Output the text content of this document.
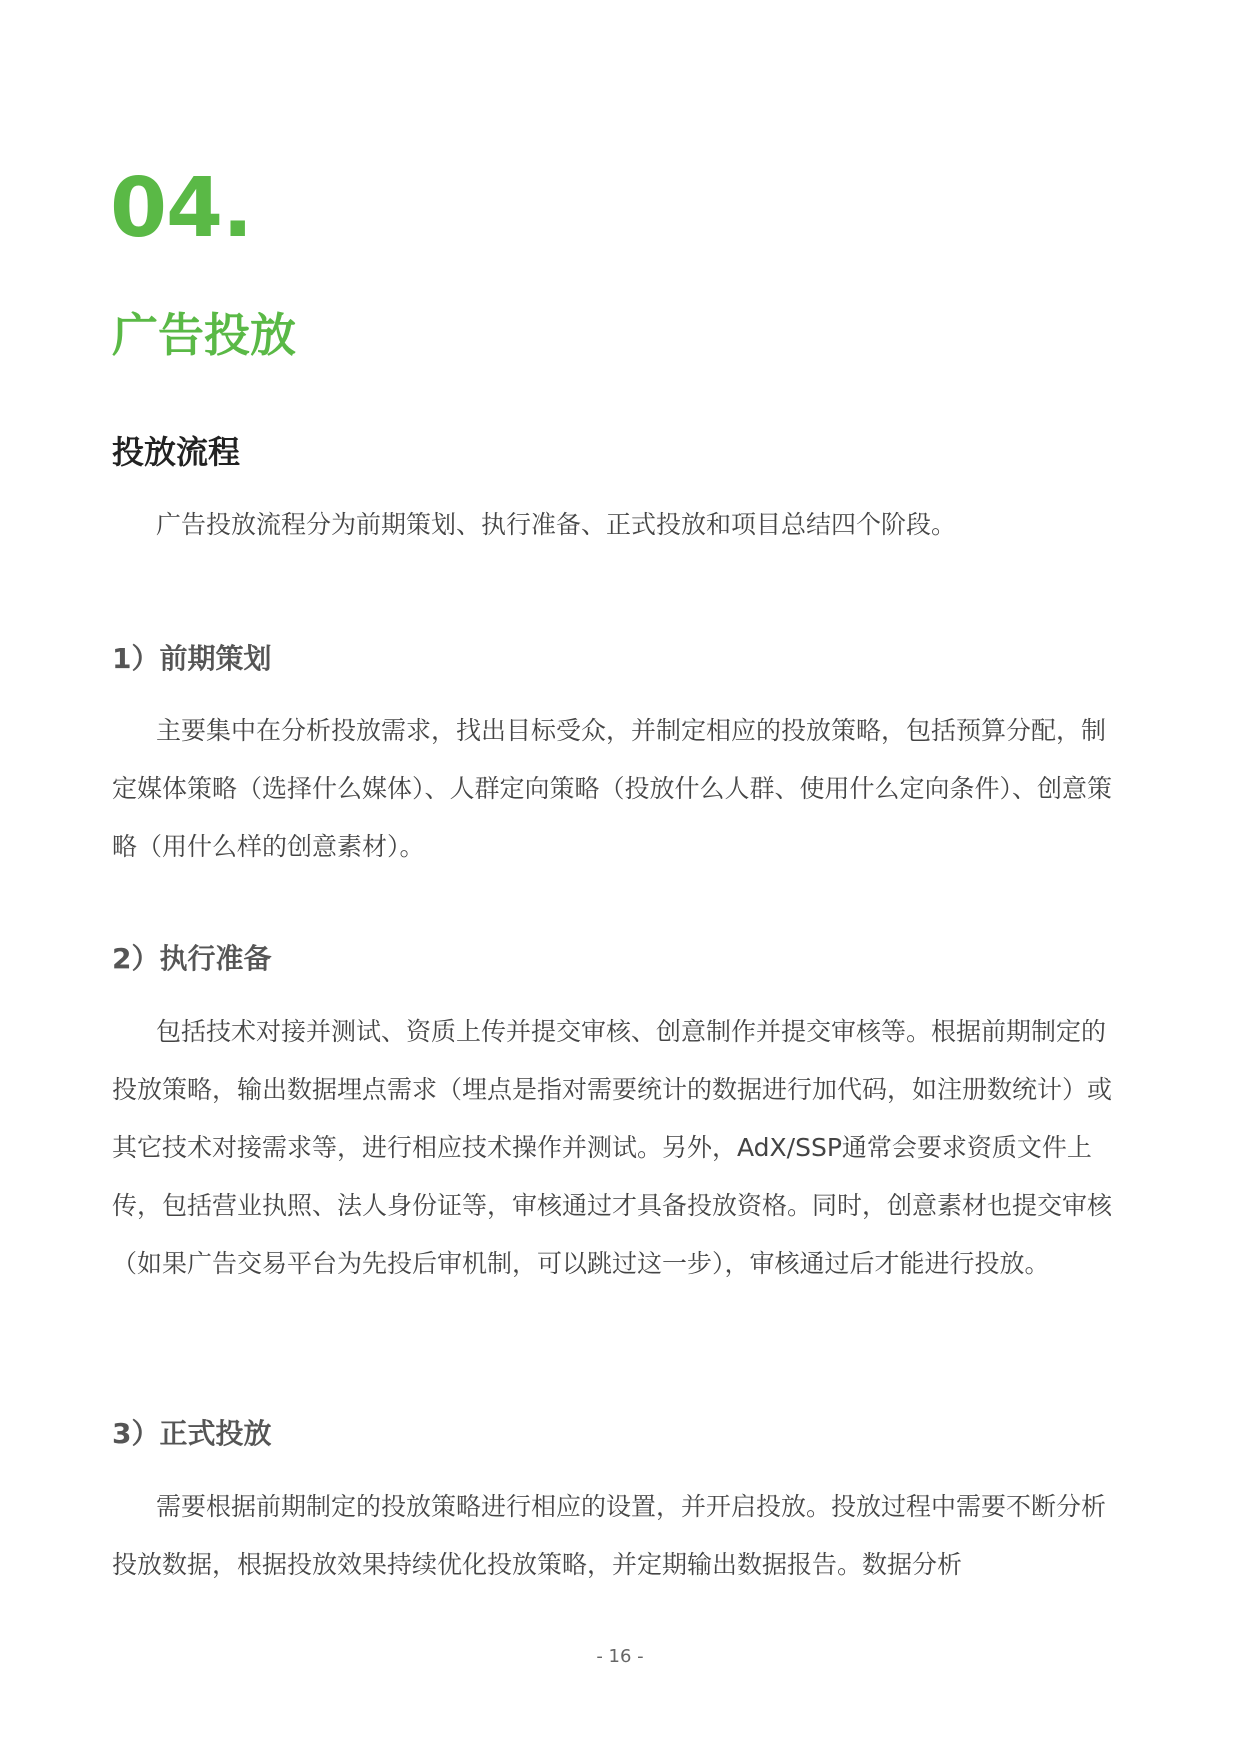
04.
广告投放
投放流程

广告投放流程分为前期策划、执行准备、正式投放和项目总结四个阶段。

1）前期策划

主要集中在分析投放需求，找出目标受众，并制定相应的投放策略，包括预算分配，制定媒体策略（选择什么媒体）、人群定向策略（投放什么人群、使用什么定向条件）、创意策略（用什么样的创意素材）。

2）执行准备

包括技术对接并测试、资质上传并提交审核、创意制作并提交审核等。根据前期制定的投放策略，输出数据埋点需求（埋点是指对需要统计的数据进行加代码，如注册数统计）或其它技术对接需求等，进行相应技术操作并测试。另外，AdX/SSP通常会要求资质文件上传，包括营业执照、法人身份证等，审核通过才具备投放资格。同时，创意素材也提交审核（如果广告交易平台为先投后审机制，可以跳过这一步），审核通过后才能进行投放。

3）正式投放

需要根据前期制定的投放策略进行相应的设置，并开启投放。投放过程中需要不断分析投放数据，根据投放效果持续优化投放策略，并定期输出数据报告。数据分析

- 16 -
